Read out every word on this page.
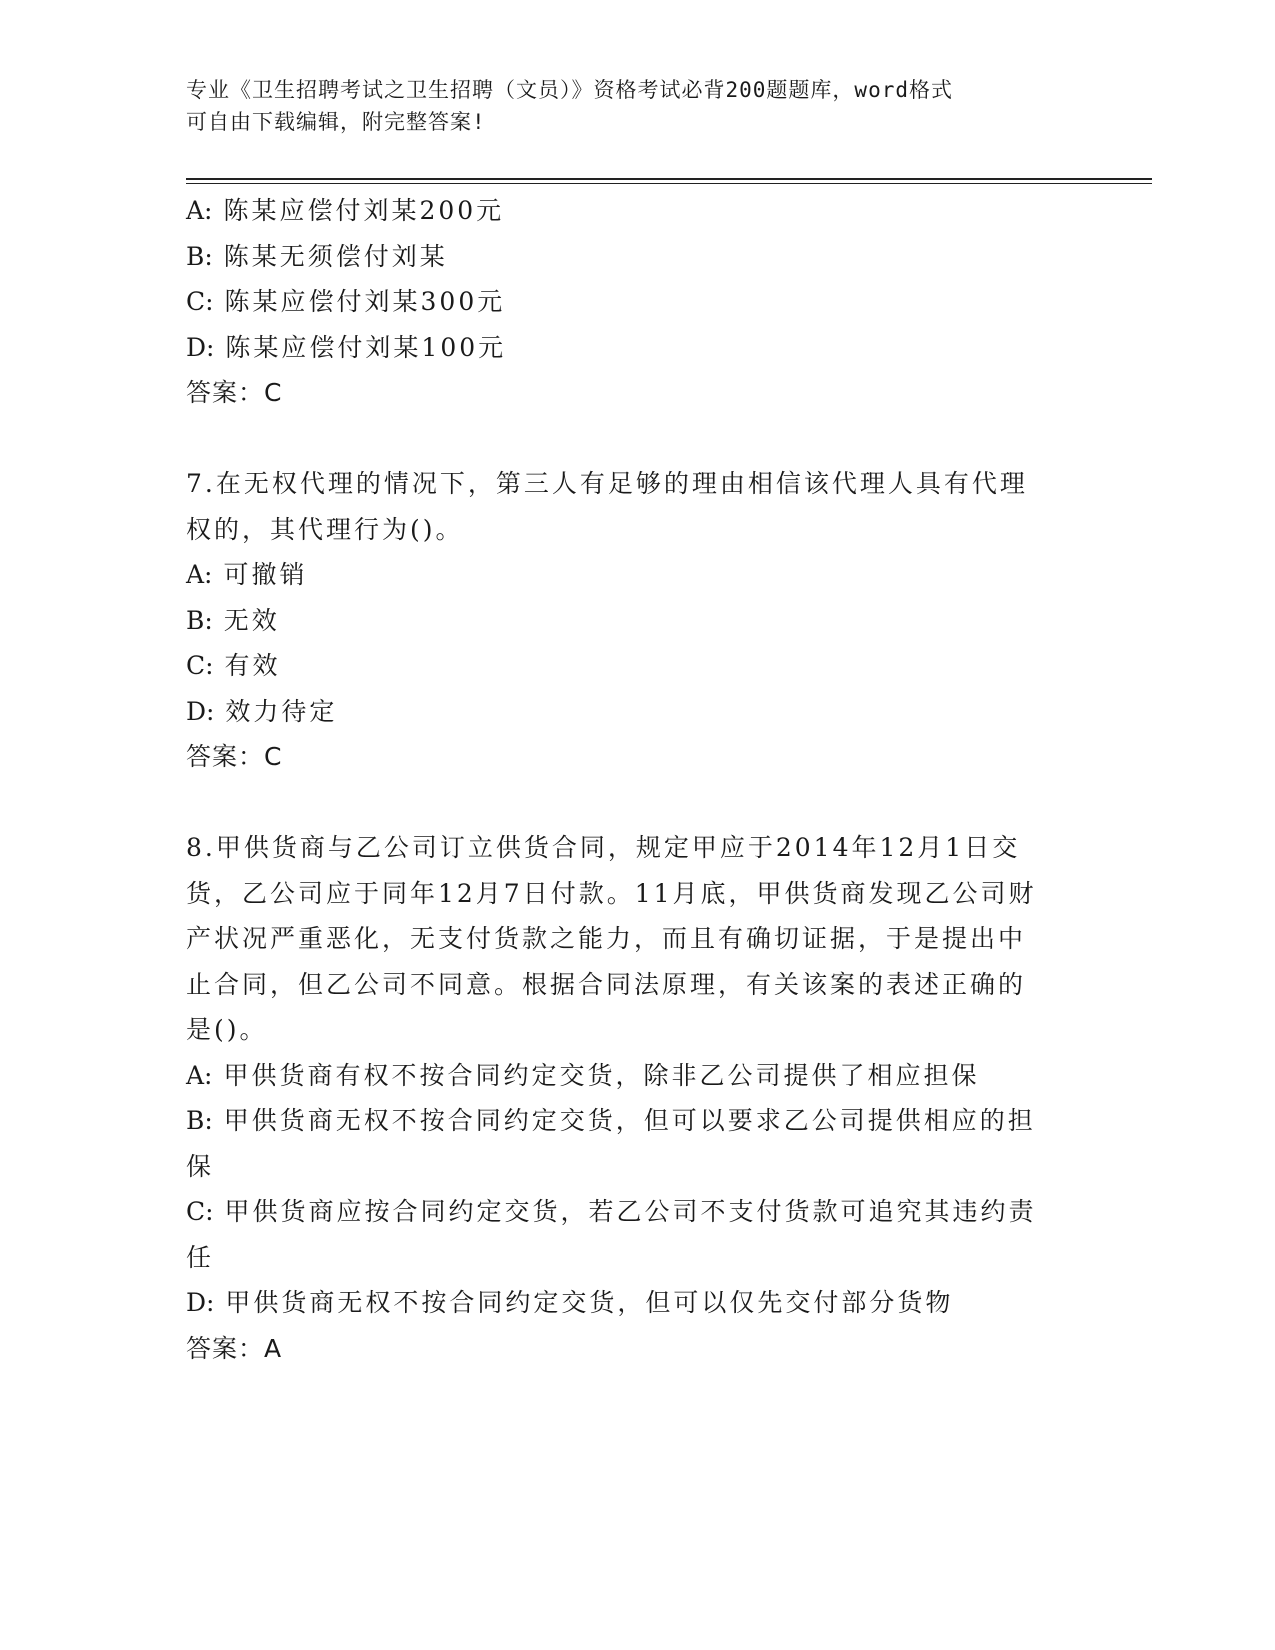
专业《卫生招聘考试之卫生招聘（文员）》资格考试必背200题题库，word格式
可自由下载编辑，附完整答案!
A: 陈某应偿付刘某200元
B: 陈某无须偿付刘某
C: 陈某应偿付刘某300元
D: 陈某应偿付刘某100元
答案：C
7.在无权代理的情况下，第三人有足够的理由相信该代理人具有代理
权的，其代理行为()。
A: 可撤销
B: 无效
C: 有效
D: 效力待定
答案：C
8.甲供货商与乙公司订立供货合同，规定甲应于2014年12月1日交
货，乙公司应于同年12月7日付款。11月底，甲供货商发现乙公司财
产状况严重恶化，无支付货款之能力，而且有确切证据，于是提出中
止合同，但乙公司不同意。根据合同法原理，有关该案的表述正确的
是()。
A: 甲供货商有权不按合同约定交货，除非乙公司提供了相应担保
B: 甲供货商无权不按合同约定交货，但可以要求乙公司提供相应的担
保
C: 甲供货商应按合同约定交货，若乙公司不支付货款可追究其违约责
任
D: 甲供货商无权不按合同约定交货，但可以仅先交付部分货物
答案：A
